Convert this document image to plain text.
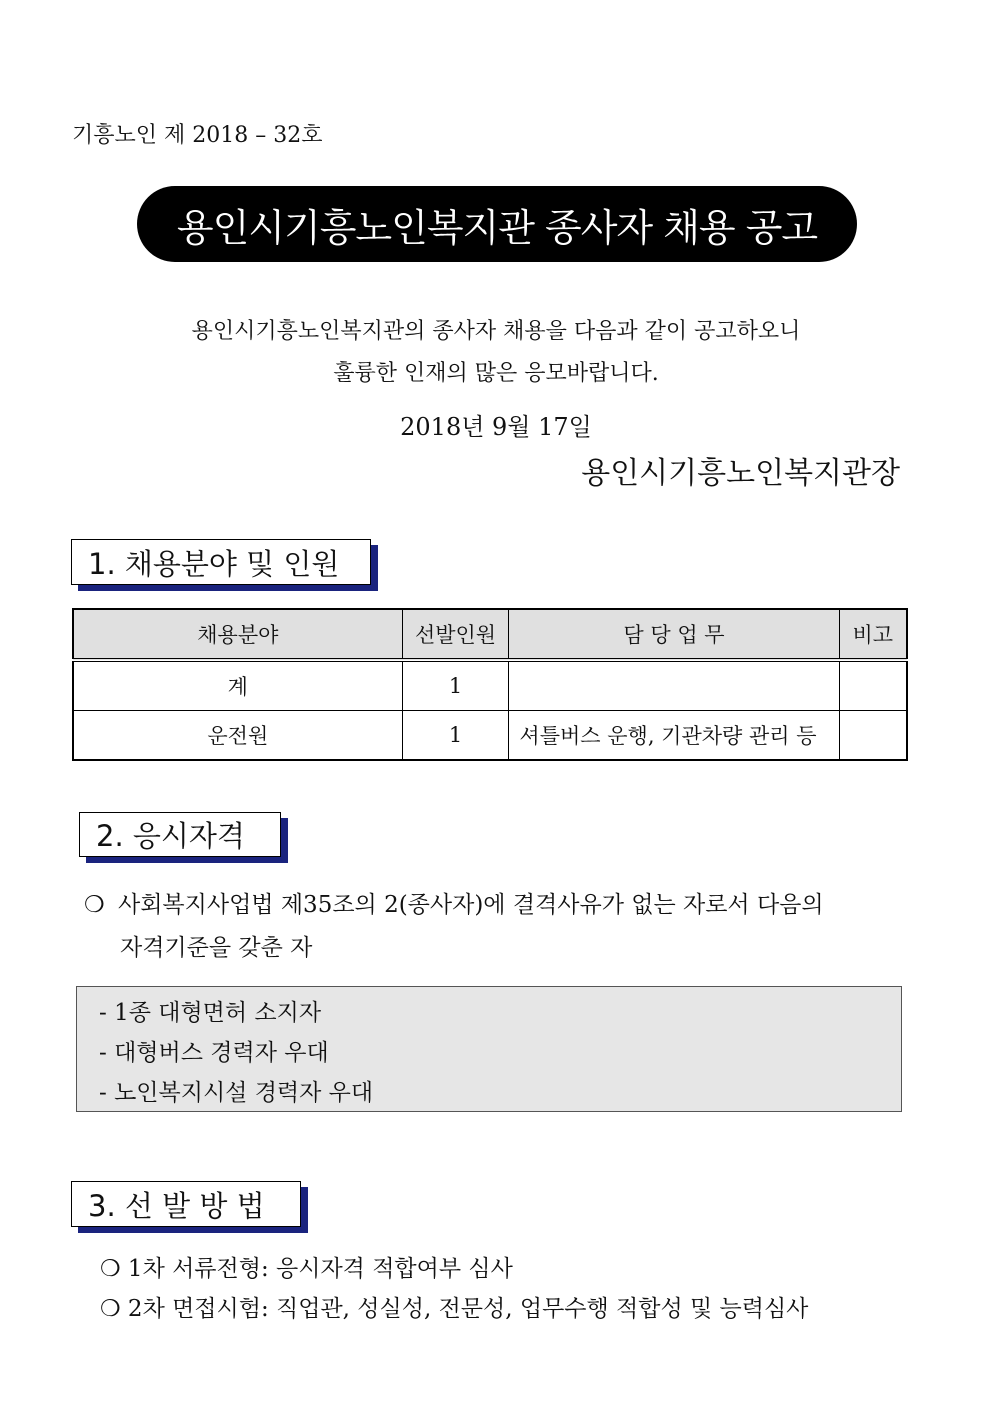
기흥노인 제 2018 – 32호
용인시기흥노인복지관 종사자 채용 공고
용인시기흥노인복지관의 종사자 채용을 다음과 같이 공고하오니
훌륭한 인재의 많은 응모바랍니다.
2018년 9월 17일
용인시기흥노인복지관장
1. 채용분야 및 인원
채용분야	선발인원	담 당 업 무	비고
계	1		
운전원	1	셔틀버스 운행, 기관차량 관리 등	
2. 응시자격
❍ 사회복지사업법 제35조의 2(종사자)에 결격사유가 없는 자로서 다음의
자격기준을 갖춘 자
- 1종 대형면허 소지자
- 대형버스 경력자 우대
- 노인복지시설 경력자 우대
3. 선 발 방 법
❍ 1차 서류전형: 응시자격 적합여부 심사
❍ 2차 면접시험: 직업관, 성실성, 전문성, 업무수행 적합성 및 능력심사
